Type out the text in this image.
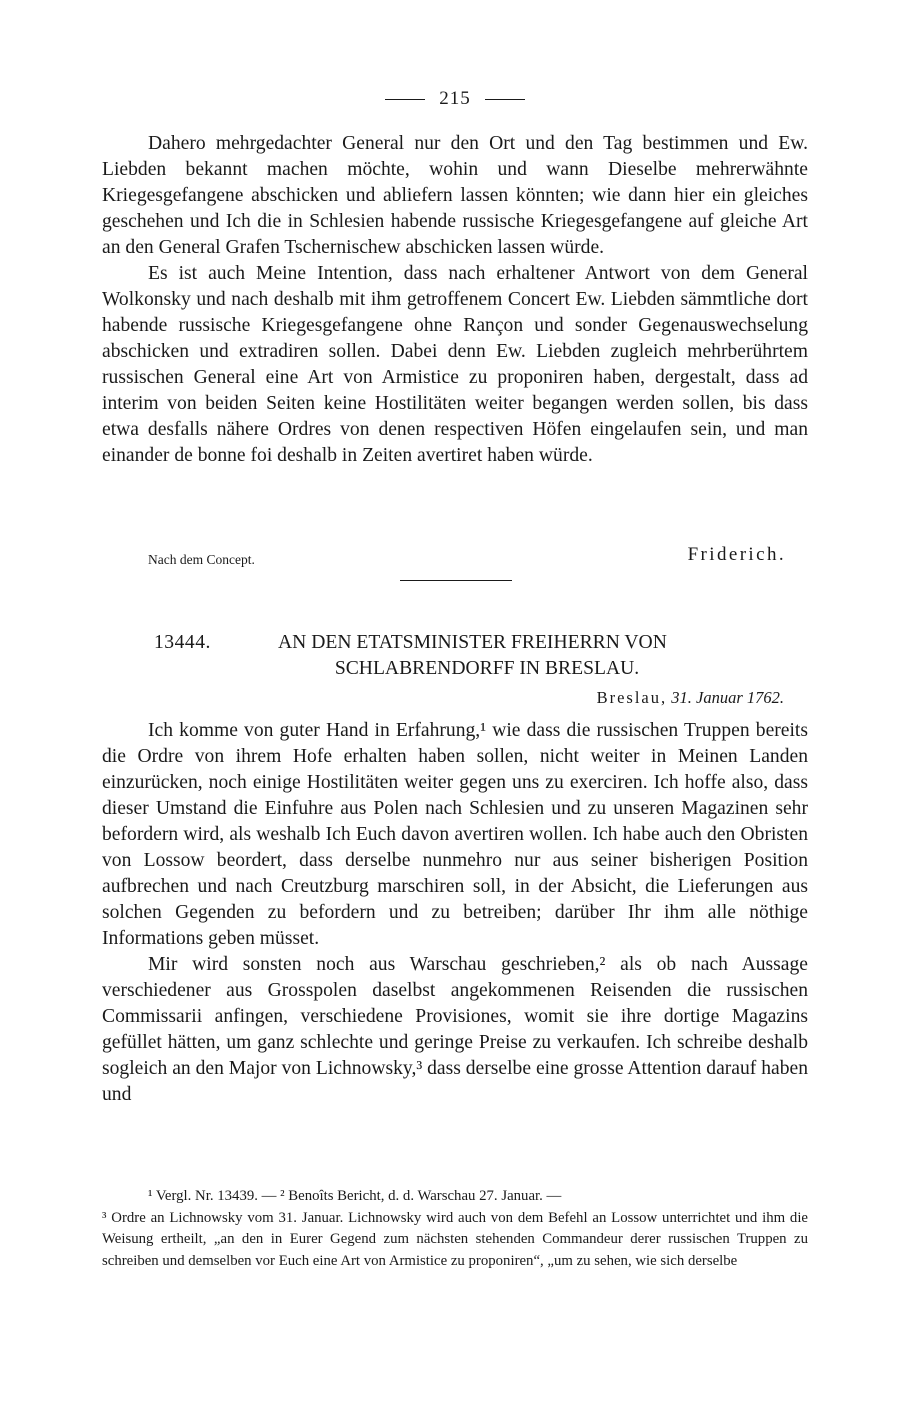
215

Dahero mehrgedachter General nur den Ort und den Tag bestimmen und Ew. Liebden bekannt machen möchte, wohin und wann Dieselbe mehrerwähnte Kriegesgefangene abschicken und abliefern lassen könnten; wie dann hier ein gleiches geschehen und Ich die in Schlesien habende russische Kriegesgefangene auf gleiche Art an den General Grafen Tschernischew abschicken lassen würde.

Es ist auch Meine Intention, dass nach erhaltener Antwort von dem General Wolkonsky und nach deshalb mit ihm getroffenem Concert Ew. Liebden sämmtliche dort habende russische Kriegesgefangene ohne Rançon und sonder Gegenauswechselung abschicken und extradiren sollen. Dabei denn Ew. Liebden zugleich mehrberührtem russischen General eine Art von Armistice zu proponiren haben, dergestalt, dass ad interim von beiden Seiten keine Hostilitäten weiter begangen werden sollen, bis dass etwa desfalls nähere Ordres von denen respectiven Höfen eingelaufen sein, und man einander de bonne foi deshalb in Zeiten avertiret haben würde.

Nach dem Concept.	Friderich.
13444.	AN DEN ETATSMINISTER FREIHERRN VON
SCHLABRENDORFF IN BRESLAU.
Breslau, 31. Januar 1762.

Ich komme von guter Hand in Erfahrung,¹ wie dass die russischen Truppen bereits die Ordre von ihrem Hofe erhalten haben sollen, nicht weiter in Meinen Landen einzurücken, noch einige Hostilitäten weiter gegen uns zu exerciren. Ich hoffe also, dass dieser Umstand die Einfuhre aus Polen nach Schlesien und zu unseren Magazinen sehr befordern wird, als weshalb Ich Euch davon avertiren wollen. Ich habe auch den Obristen von Lossow beordert, dass derselbe nunmehro nur aus seiner bisherigen Position aufbrechen und nach Creutzburg marschiren soll, in der Absicht, die Lieferungen aus solchen Gegenden zu befordern und zu betreiben; darüber Ihr ihm alle nöthige Informations geben müsset.

Mir wird sonsten noch aus Warschau geschrieben,² als ob nach Aussage verschiedener aus Grosspolen daselbst angekommenen Reisenden die russischen Commissarii anfingen, verschiedene Provisiones, womit sie ihre dortige Magazins gefüllet hätten, um ganz schlechte und geringe Preise zu verkaufen. Ich schreibe deshalb sogleich an den Major von Lichnowsky,³ dass derselbe eine grosse Attention darauf haben und

¹ Vergl. Nr. 13439. — ² Benoîts Bericht, d. d. Warschau 27. Januar. —

³ Ordre an Lichnowsky vom 31. Januar. Lichnowsky wird auch von dem Befehl an Lossow unterrichtet und ihm die Weisung ertheilt, „an den in Eurer Gegend zum nächsten stehenden Commandeur derer russischen Truppen zu schreiben und demselben vor Euch eine Art von Armistice zu proponiren“, „um zu sehen, wie sich derselbe
